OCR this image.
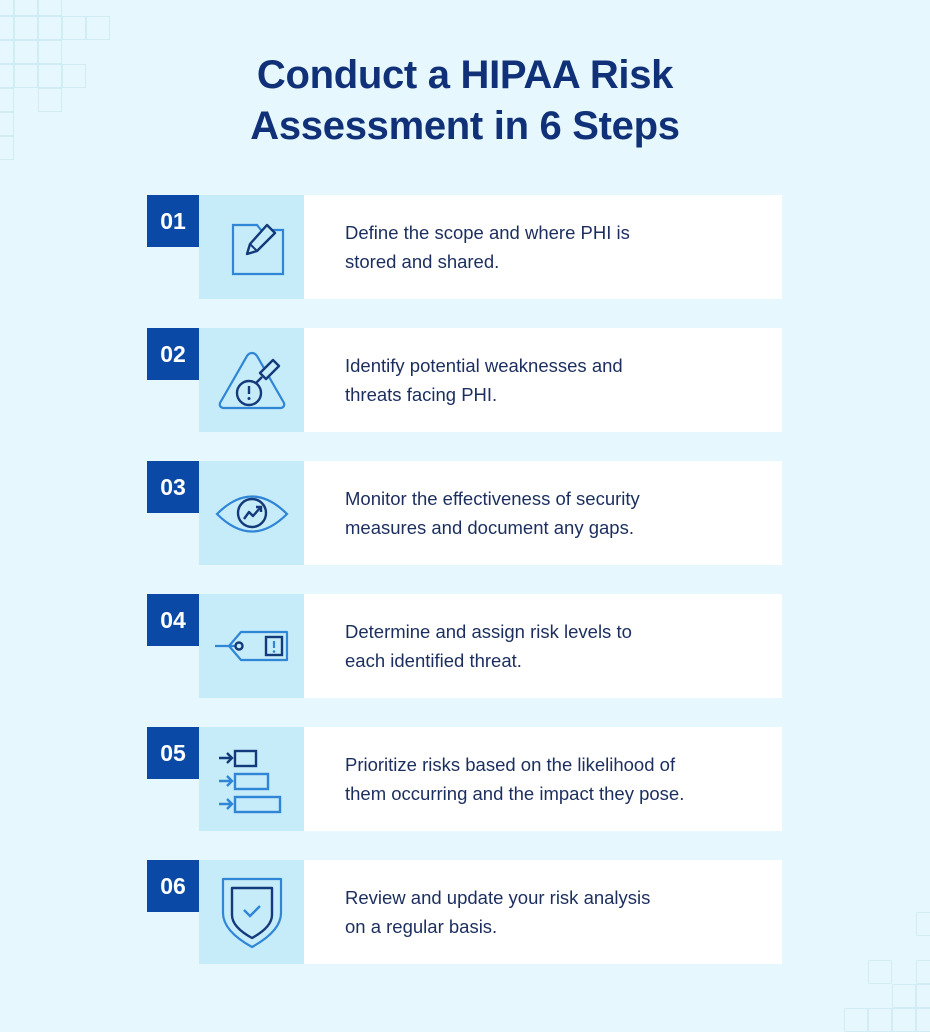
Conduct a HIPAA Risk
Assessment in 6 Steps
01	Define the scope and where PHI is
stored and shared.

02	Identify potential weaknesses and
threats facing PHI.

03	Monitor the effectiveness of security
measures and document any gaps.

04	Determine and assign risk levels to
each identified threat.

05	Prioritize risks based on the likelihood of
them occurring and the impact they pose.

06	Review and update your risk analysis
on a regular basis.
